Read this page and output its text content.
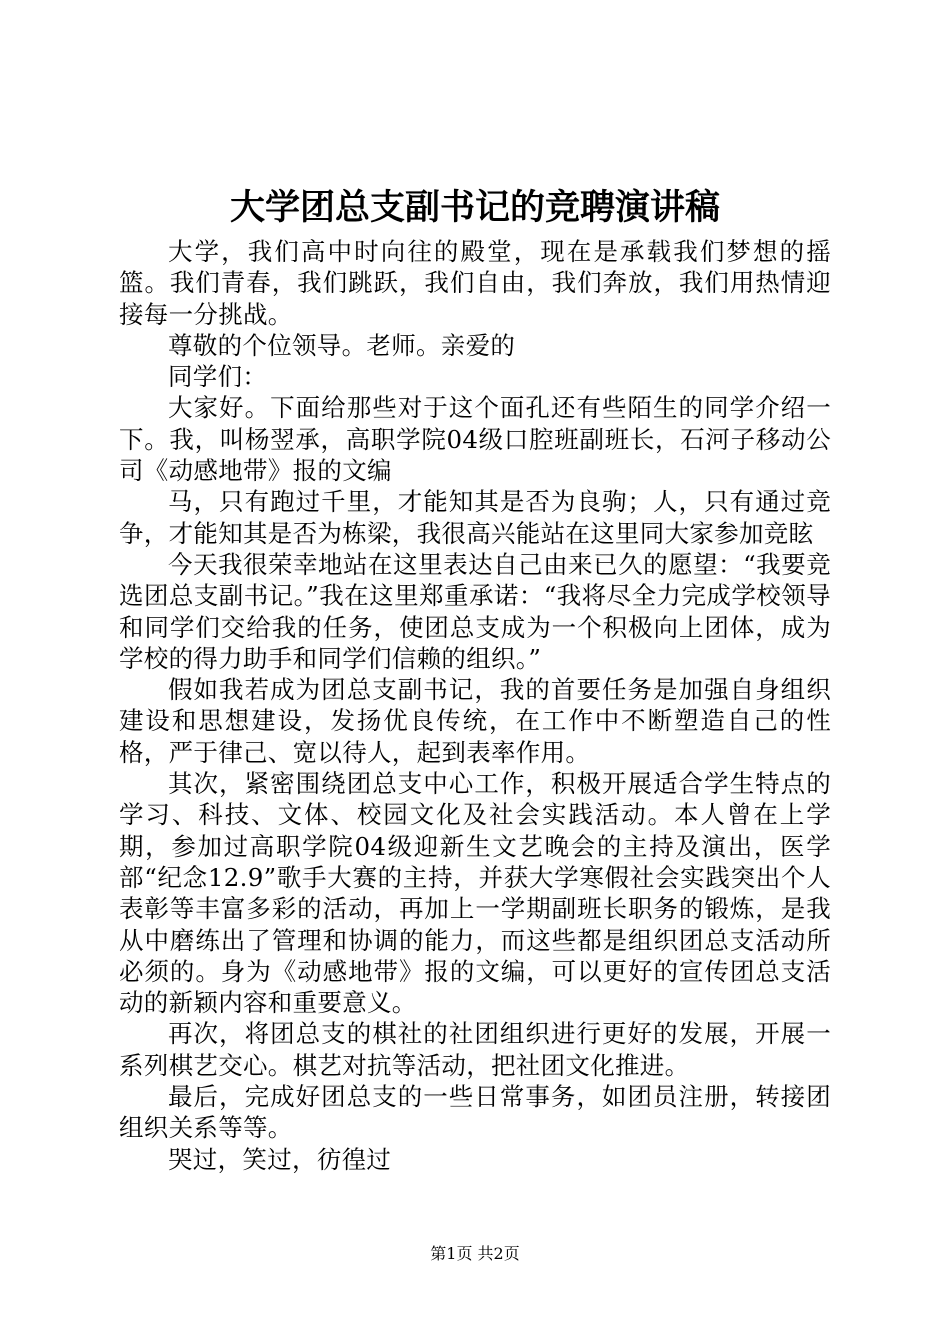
大学团总支副书记的竞聘演讲稿

大学，我们高中时向往的殿堂，现在是承载我们梦想的摇篮。我们青春，我们跳跃，我们自由，我们奔放，我们用热情迎接每一分挑战。

尊敬的个位领导。老师。亲爱的

同学们：

大家好。下面给那些对于这个面孔还有些陌生的同学介绍一下。我，叫杨翌承，高职学院04级口腔班副班长，石河子移动公司《动感地带》报的文编

马，只有跑过千里，才能知其是否为良驹；人，只有通过竞争，才能知其是否为栋梁，我很高兴能站在这里同大家参加竞眩

今天我很荣幸地站在这里表达自己由来已久的愿望：“我要竞选团总支副书记。”我在这里郑重承诺：“我将尽全力完成学校领导和同学们交给我的任务，使团总支成为一个积极向上团体，成为学校的得力助手和同学们信赖的组织。”

假如我若成为团总支副书记，我的首要任务是加强自身组织建设和思想建设，发扬优良传统，在工作中不断塑造自己的性格，严于律己、宽以待人，起到表率作用。

其次，紧密围绕团总支中心工作，积极开展适合学生特点的学习、科技、文体、校园文化及社会实践活动。本人曾在上学期，参加过高职学院04级迎新生文艺晚会的主持及演出，医学部“纪念12.9”歌手大赛的主持，并获大学寒假社会实践突出个人表彰等丰富多彩的活动，再加上一学期副班长职务的锻炼，是我从中磨练出了管理和协调的能力，而这些都是组织团总支活动所必须的。身为《动感地带》报的文编，可以更好的宣传团总支活动的新颖内容和重要意义。

再次，将团总支的棋社的社团组织进行更好的发展，开展一系列棋艺交心。棋艺对抗等活动，把社团文化推进。

最后，完成好团总支的一些日常事务，如团员注册，转接团组织关系等等。

哭过，笑过，彷徨过

第1页 共2页
